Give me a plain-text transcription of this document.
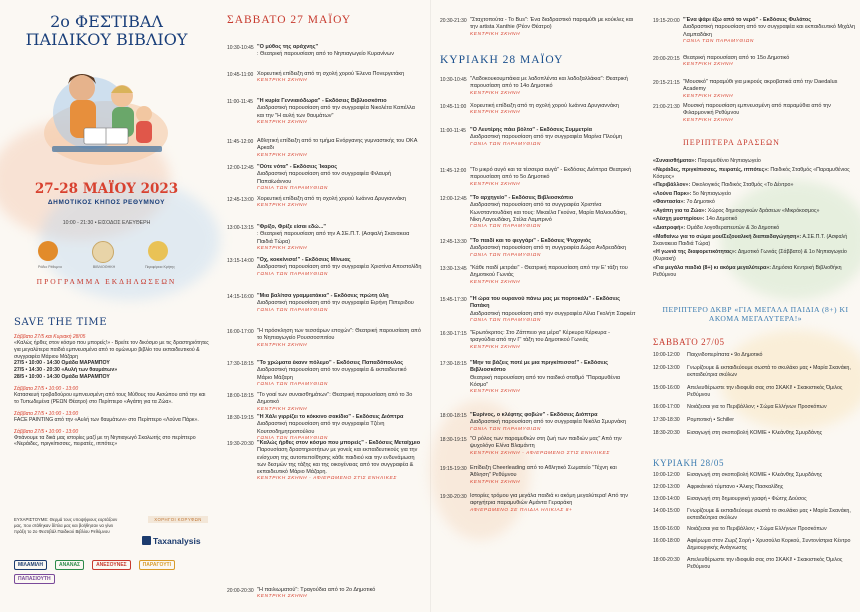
2ο ΦΕΣΤΙΒΑΛ
ΠΑΙΔΙΚΟΥ ΒΙΒΛΙΟΥ
27-28 ΜΑΪΟΥ 2023
ΔΗΜΟΤΙΚΟΣ ΚΗΠΟΣ ΡΕΘΥΜΝΟΥ
10:00 - 21:30 • ΕΙΣΟΔΟΣ ΕΛΕΥΘΕΡΗ
Ράδιο Ρέθυμνο	ΒΙΒΛΙΟΘΗΚΗ	Περιφέρεια Κρήτης
ΠΡΟΓΡΑΜΜΑ ΕΚΔΗΛΩΣΕΩΝ
SAVE THE TIME
Σάββατο 27/5 και Κυριακή 28/05
«Καλώς ήρθες στον κόσμο που μπορείς!» - Βρείτε τον δικόσμο με τις δραστηριότητες για μεγαλύτερα παιδιά εμπνευσμένα από το ομώνυμο βιβλίο του εκπαιδευτικού & συγγραφέα Μάριου Μάζαρη
27/5 • 10:00 - 14:30 Ομάδα ΜΑΡΑΜΠΟΥ
27/5 • 14:30 - 20:30 «Αυλή των θαυμάτων»
28/5 • 10:00 - 14:30 Ομάδα ΜΑΡΑΜΠΟΥ
Σάββατο 27/5 • 10:00 - 13:00
Κατασκευή τροβαδούρου εμπνευσμένη από τους Μύθους του Αισώπου από την και το Τυπωδεμένα (ΡΕΩΝ Θέατρο) στο Περίπτερο «Αγάπη για τα Ζώα».
Σάββατο 27/5 • 10:00 - 13:00
FACE PAINTING από την «Αυλή των θαυμάτων» στο Περίπτερο «Λούνα Πάρκ».
Σάββατο 27/5 • 10:00 - 13:00
Φτιάνουμε τα δικά μας ιστορίες μαζί με τη Νηπιαγωγό Σκαλωτής στο περίπτερο «Νεράιδες, πριγκίπισσες, πειρατές, ιππότες»
ΕΥΧΑΡΙΣΤΟΥΜΕ: Θερμά τους υποψήφιους εορτάζουν μας, που στάθηκαν δίπλα μας και βοήθησαν να γίνει πράξη το 2ο Φεστιβάλ Παιδικού Βιβλίου Ρεθύμνου
ΧΟΡΗΓΟΙ ΚΟΡΥΦΩΝ
Taxanalysis
ΜΙΛΑΜΙΛΗ	ΑΝΑΝΑΣ	ΑΝΕΣΟΥΝΕΣ	ΠΑΡΑΓΟΥΤΙ
ΠΑΠΑΣΙΟΥΤΗ
ΣΑΒΒΑΤΟ 27 ΜΑΪΟΥ
10:30-10:45 "Ο μύθος της αράχνης"
: Θεατρική παρουσίαση από το Νηπιαγωγείο Κυρανίνων
10:45-11:00 Χορευτική επίδειξη από τη σχολή χορού Έλενα Πονεργετάκη
ΚΕΝΤΡΙΚΗ ΣΚΗΝΗ
11:00-11:45 "Η κυρία Γεννιαιόδωρα" - Εκδόσεις Βιβλιοσκόπιο
Διαδραστική παρουσίαση από την συγγραφέα Νικολέτα Καπέλλα και την "Η αυλή των θαυμάτων"
ΚΕΝΤΡΙΚΗ ΣΚΗΝΗ
11:45-12:00 Αθλητική επίδειξη από το τμήμα Ενόργανης γυμναστικής του ΟΚΑ Αρκαδι
ΚΕΝΤΡΙΚΗ ΣΚΗΝΗ
12:00-12:45 "Ούτε νότα" - Εκδόσεις Ίκαρος
Διαδραστική παρουσίαση από τον συγγραφέα Φιλαυρή Παπαϊωάννου
ΓΩΝΙΑ ΤΩΝ ΠΑΡΑΜΥΘΙΩΝ
12:45-13:00 Χορευτική επίδειξη από τη σχολή χορού Ιωάννα Δρυγιαννάκη
ΚΕΝΤΡΙΚΗ ΣΚΗΝΗ
13:00-13:15 "Φρίξο, Φρίξε είσαι εδώ..."
: Θεατρική παρουσίαση από την Α.ΣΕ.Π.Τ. (Ασφαλή Σκανακεια Παιδιά Τώρα)
ΚΕΝΤΡΙΚΗ ΣΚΗΝΗ
13:15-14:00 "Οχ, κοκκίνισα!" - Εκδόσεις Μίνωας
Διαδραστική παρουσίαση από την συγγραφέα Χριστίνα Αποστολίδη
ΓΩΝΙΑ ΤΩΝ ΠΑΡΑΜΥΘΙΩΝ
14:15-16:00 "Μια βαλίτσα γραμματάκια" - Εκδόσεις πρώτη ύλη
Διαδραστική παρουσίαση από την συγγραφέα Ειρήνη Πιπεριδου
ΓΩΝΙΑ ΤΩΝ ΠΑΡΑΜΥΘΙΩΝ
16:00-17:00 "Η πρόσκληση των τεσσάρων εποχών": Θεατρική παρουσίαση από το Νηπιαγωγείο Ρουσσοσπιτίου
ΚΕΝΤΡΙΚΗ ΣΚΗΝΗ
17:30-18:15 "Το χρώματα έκανν πόλεμο" - Εκδόσεις Παπαδόπουλος
Διαδραστική παρουσίαση από τον συγγραφέα & εκπαιδευτικό Μάριο Μάζαρη
ΓΩΝΙΑ ΤΩΝ ΠΑΡΑΜΥΘΙΩΝ
18:00-18:15 "Το γοαί των συναισθημάτων": Θεατρική παρουσίαση από το 3ο Δημοτικό
ΚΕΝΤΡΙΚΗ ΣΚΗΝΗ
18:30-19:15 "Η Χάλι γιρρίζει το κόκκινο σακίδιο" - Εκδόσεις Διόπτρα
Διαδραστική παρουσίαση από την συγγραφέα Τζένη Κουτσοδημητροπούλου
ΓΩΝΙΑ ΤΩΝ ΠΑΡΑΜΥΘΙΩΝ
19:30-20:30 "Καλώς ήρθες στον κόσμο που μπορείς" - Εκδόσεις Μεταίχμιο
Παρουσίαση δραστηριοτήτων με γονείς και εκπαιδευτικούς για την ενίσχυση της αυτοπεποίθησης κάθε παιδιού και την ενδυνάμωση των δεσμών της τάξης και της οικογένειας από τον συγγραφέα & εκπαιδευτικό Μάριο Μάζαρη.
ΚΕΝΤΡΙΚΗ ΣΚΗΝΗ - ΑΦΙΕΡΩΜΕΝΟ ΣΤΙΣ ΕΝΗΛΙΚΕΣ
20:00-20:30 "Η παιλιωματού": Τραγούδια από το 2ο Δημοτικό
ΚΕΝΤΡΙΚΗ ΣΚΗΝΗ
20:30-21:30 "Σταχτοπούτα - Το Bus": Ένα διαδραστικό παραμύθι με κούκλες και την artista Xanthie (Ρέον Θέατρο)
ΚΕΝΤΡΙΚΗ ΣΚΗΝΗ
ΚΥΡΙΑΚΗ 28 ΜΑΪΟΥ
10:30-10:45 "Λαδοκουκουμπάκια με λαδοπλέντα και λαδοξαλλάκια": Θεατρική παρουσίαση από το 14ο Δημοτικό
ΚΕΝΤΡΙΚΗ ΣΚΗΝΗ
10:45-11:00 Χορευτική επίδειξη από τη σχολή χορού Ιωάννα Δρυγιαννάκη
ΚΕΝΤΡΙΚΗ ΣΚΗΝΗ
11:00-11:45 "Ο Λευτέρης πάει βόλτα" - Εκδόσεις Συμμετρία
Διαδραστική παρουσίαση από την συγγραφέα Μαρίνα Πλούμη
ΓΩΝΙΑ ΤΩΝ ΠΑΡΑΜΥΘΙΩΝ
11:45-12:00 "Το μικρό αυγό και τα τέσσερα αυγά" - Εκδόσεις Διόπτρα Θεατρική παρουσίαση από το 5ο Δημοτικό
ΚΕΝΤΡΙΚΗ ΣΚΗΝΗ
12:00-12:45 "Το αρχηγείο" - Εκδόσεις Βιβλιοσκόπιο
Διαδραστική παρουσίαση από τα συγγραφέα Χριστίνα Κωνσταντουδάκη και τους: Μικαέλα Γκούνα, Μαρία Μαλιουδάκη, Νίκη Λαγουδάκη, Στέλα Λαμπρινό
ΓΩΝΙΑ ΤΩΝ ΠΑΡΑΜΥΘΙΩΝ
12:45-13:30 "Το παιδί και το φεγγάρι" - Εκδόσεις Ψυχογιός
Διαδραστική παρουσίαση από τη συγγραφέα Δώρα Ανδρεαδάκη
ΓΩΝΙΑ ΤΩΝ ΠΑΡΑΜΥΘΙΩΝ
13:30-13:45 "Κάθε παιδί μετράει" - Θεατρική παρουσίαση από την Ε' τάξη του Δημοτικού Γωνιάς
ΚΕΝΤΡΙΚΗ ΣΚΗΝΗ
15:45-17:30 "Η ώρα του ουρανού πάνω μας με πορτοκάλι" - Εκδόσεις Πατάκη
Διαδραστική παρουσίαση από την συγγραφέα Λίλια Γκολήπ Σαφκέιτ
ΓΩΝΙΑ ΤΩΝ ΠΑΡΑΜΥΘΙΩΝ
16:30-17:15 "Ερωτόκριτος: Στο Ζάππειο για μέρα" Κέρκυρα Κέρκυρα - τραγούδια από την Γ' τάξη του Δημοτικού Γωνιάς
ΚΕΝΤΡΙΚΗ ΣΚΗΝΗ
17:30-18:15 "Μην τα βάζεις ποτέ με μια πριγκίπισσα!" - Εκδόσεις Βιβλιοσκόπιο
Θεατρική παρουσίαση από τον παιδικό σταθμό "Παραμυθένια Κόσμο"
ΚΕΝΤΡΙΚΗ ΣΚΗΝΗ
18:00-18:15 "Ευρίνος, ο κλέφτης φοβών" - Εκδόσεις Διόπτρα
Διαδραστική παρουσίαση από τον συγγραφέα Νικόλα Σμυρνάκη
ΓΩΝΙΑ ΤΩΝ ΠΑΡΑΜΥΘΙΩΝ
18:30-19:15 "Ο ρόλος των παραμυθιών στη ζωή των παιδιών μας" Από την ψυχολόγο Ελίνα Βλαμάντη
ΚΕΝΤΡΙΚΗ ΣΚΗΝΗ - ΑΦΙΕΡΩΜΕΝΟ ΣΤΙΣ ΕΝΗΛΙΚΕΣ
19:15-19:30 Επίδειξη Cheerleading από το Αθλητικό Σωματείο "Τέχνη και Άθληση" Ρεθύμνου
ΚΕΝΤΡΙΚΗ ΣΚΗΝΗ
19:30-20:30 Ιστορίες τρόμου για μεγάλα παιδιά κι ακόμη μεγαλύτερα! Από την αφηγήτρια παραμυθιών Αμάντα Γεραράκη
ΑΦΙΕΡΩΜΕΝΟ ΣΕ ΠΑΙΔΙΑ ΗΛΙΚΙΑΣ 8+
19:15-20:00 "Ένα ψάρι έξω από το νερό" - Εκδόσεις Φυλάτος
Διαδραστική παρουσίαση από τον συγγραφέα και εκπαιδευτικό Μιχάλη Λαμπαδάκη
ΓΩΝΙΑ ΤΩΝ ΠΑΡΑΜΥΘΙΩΝ
20:00-20:15 Θεατρική παρουσίαση από το 15ο Δημοτικό
ΚΕΝΤΡΙΚΗ ΣΚΗΝΗ
20:15-21:15 "Μουσικό" παραμύθι για μικρούς ακροβατικά από την Daedalus Academy
ΚΕΝΤΡΙΚΗ ΣΚΗΝΗ
21:00-21:30 Μουσική παρουσίαση εμπνευσμένη από παραμύθια από την Φιλαρμονική Ρεθύμνου
ΚΕΝΤΡΙΚΗ ΣΚΗΝΗ
ΠΕΡΙΠΤΕΡΑ ΔΡΑΣΕΩΝ
«Συναισθήματα»: Παραμυθένιο Νηπιαγωγείο
«Νεράιδες, πριγκίπισσες, πειρατές, ιππότες»: Παιδικός Σταθμός «Παραμυθένιος Κόσμος»
«Περιβάλλον»: Οικολογικός Παιδικός Σταθμός «Το Δέντρο»
«Λούνα Παρκ»: 5ο Νηπιαγωγείο
«Φαντασία»: 7ο Δημοτικό
«Αγάπη για τα Ζώα»: Χώρος δημιουργικών δράσεων «Μικρόκοσμος»
«Λέσχη μυστηρίου»: 14ο Δημοτικό
«Διατροφή»: Ομάδα λογοθεραπευτών & 3ο Δημοτικό
«Μαθαίνω για το σώμα μου/Σεξουαλική διαπαιδαγώγηση»: Α.ΣΕ.Π.Τ. (Ασφαλή Σκανακεια Παιδιά Τώρα)
«Η γωνιά της διαφορετικότητας»: Δημοτικό Γωνιάς (Σάββατο) & 1ο Νηπιαγωγείο (Κυριακή)
«Για μεγάλα παιδιά (8+) κι ακόμα μεγαλύτερα»: Δημόσια Κεντρική Βιβλιοθήκη Ρεθύμνου
ΠΕΡΙΠΤΕΡΟ ΔΚΒΡ «ΓΙΑ ΜΕΓΑΛΑ ΠΑΙΔΙΑ (8+) ΚΙ ΑΚΟΜΑ ΜΕΓΑΛΥΤΕΡΑ!»
ΣΑΒΒΑΤΟ 27/05
10:00-12:00	Παιχνιδοπερίπατα • 9ο Δημοτικό
12:00-13:00	Γνωρίζουμε & εκπαιδεύουμε σωστά το σκυλάκο μας • Μαρία Σκανάκη, εκπαιδεύτρια σκύλων
15:00-16:00	Απελευθέρωστε την ιδιοφυΐα σας στο ΣΚΑΚΙ! • Σκακιστικός Όμιλος Ρεθύμνου
16:00-17:00	Νοιάζεσαι για το Περιβάλλον; • Σώμα Ελλήνων Προσκόπων
17:30-18:30	Ρομποτική • Schiller
18:30-20:30	Εισαγωγή στη σκοποβολή ΚΟΜΙΕ • Κλεάνθης Σμυρδάνης
ΚΥΡΙΑΚΗ 28/05
10:00-12:00	Εισαγωγή στη σκοποβολή ΚΟΜΙΕ • Κλεάνθης Σμυρδάνης
12:00-13:00	Αφρικάνικό τύμπανο • Άλκης Πασκαλίδης
13:00-14:00	Εισαγωγή στη δημιουργική γραφή • Φώτης Δούσος
14:00-15:00	Γνωρίζουμε & εκπαιδεύουμε σωστά το σκυλάκο μας • Μαρία Σκανάκη, εκπαιδεύτρια σκύλων
15:00-16:00	Νοιάζεσαι για το Περιβάλλον; • Σώμα Ελλήνων Προσκόπων
16:00-18:00	Αφιέρωμα στον Ζωρζ Σορή • Χρυσούλα Κορκού, Συντονίστρια Κέντρο Δημιουργικής Ανάγνωσης
18:00-20:30	Απελευθέρωστε την ιδιοφυΐα σας στο ΣΚΑΚΙ! • Σκακιστικός Όμιλος Ρεθύμνου
